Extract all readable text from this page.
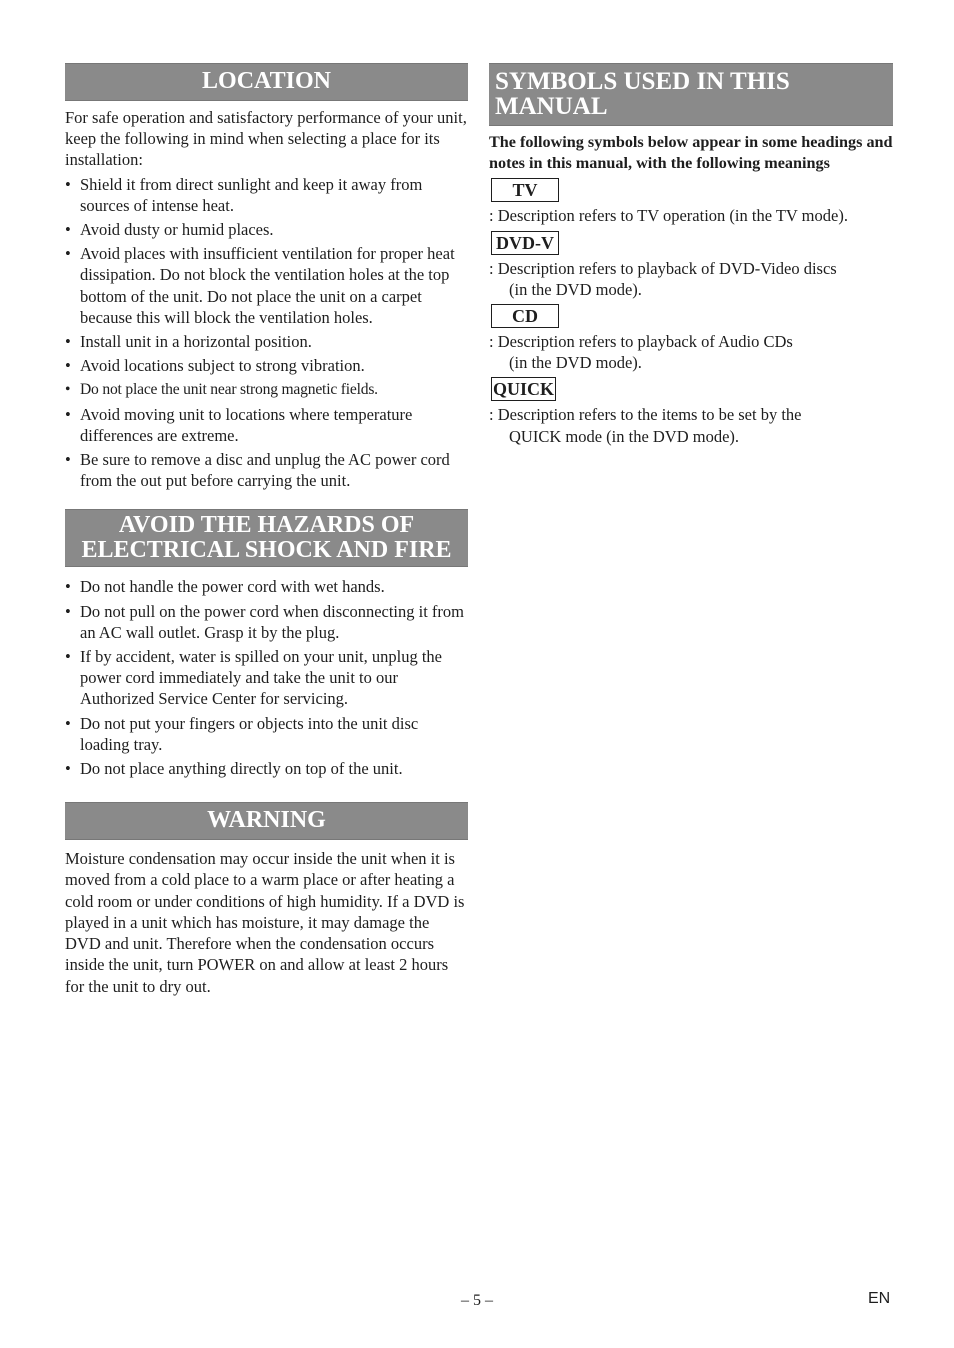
LOCATION

For safe operation and satisfactory performance of your unit, keep the following in mind when selecting a place for its installation:

• Shield it from direct sunlight and keep it away from sources of intense heat.
• Avoid dusty or humid places.
• Avoid places with insufficient ventilation for proper heat dissipation. Do not block the ventilation holes at the top bottom of the unit. Do not place the unit on a carpet because this will block the ventilation holes.
• Install unit in a horizontal position.
• Avoid locations subject to strong vibration.
• Do not place the unit near strong magnetic fields.
• Avoid moving unit to locations where temperature differences are extreme.
• Be sure to remove a disc and unplug the AC power cord from the out put before carrying the unit.
AVOID THE HAZARDS OF
ELECTRICAL SHOCK AND FIRE
• Do not handle the power cord with wet hands.
• Do not pull on the power cord when disconnecting it from an AC wall outlet. Grasp it by the plug.
• If by accident, water is spilled on your unit, unplug the power cord immediately and take the unit to our Authorized Service Center for servicing.
• Do not put your fingers or objects into the unit disc loading tray.
• Do not place anything directly on top of the unit.
WARNING

Moisture condensation may occur inside the unit when it is moved from a cold place to a warm place or after heating a cold room or under conditions of high humidity. If a DVD is played in a unit which has moisture, it may damage the DVD and unit. Therefore when the condensation occurs inside the unit, turn POWER on and allow at least 2 hours for the unit to dry out.

SYMBOLS USED IN THIS MANUAL

The following symbols below appear in some headings and notes in this manual, with the following meanings

TV

: Description refers to TV operation (in the TV mode).

DVD-V

: Description refers to playback of DVD-Video discs
(in the DVD mode).

CD

: Description refers to playback of Audio CDs
(in the DVD mode).

QUICK

: Description refers to the items to be set by the
QUICK mode (in the DVD mode).

– 5 –	EN
